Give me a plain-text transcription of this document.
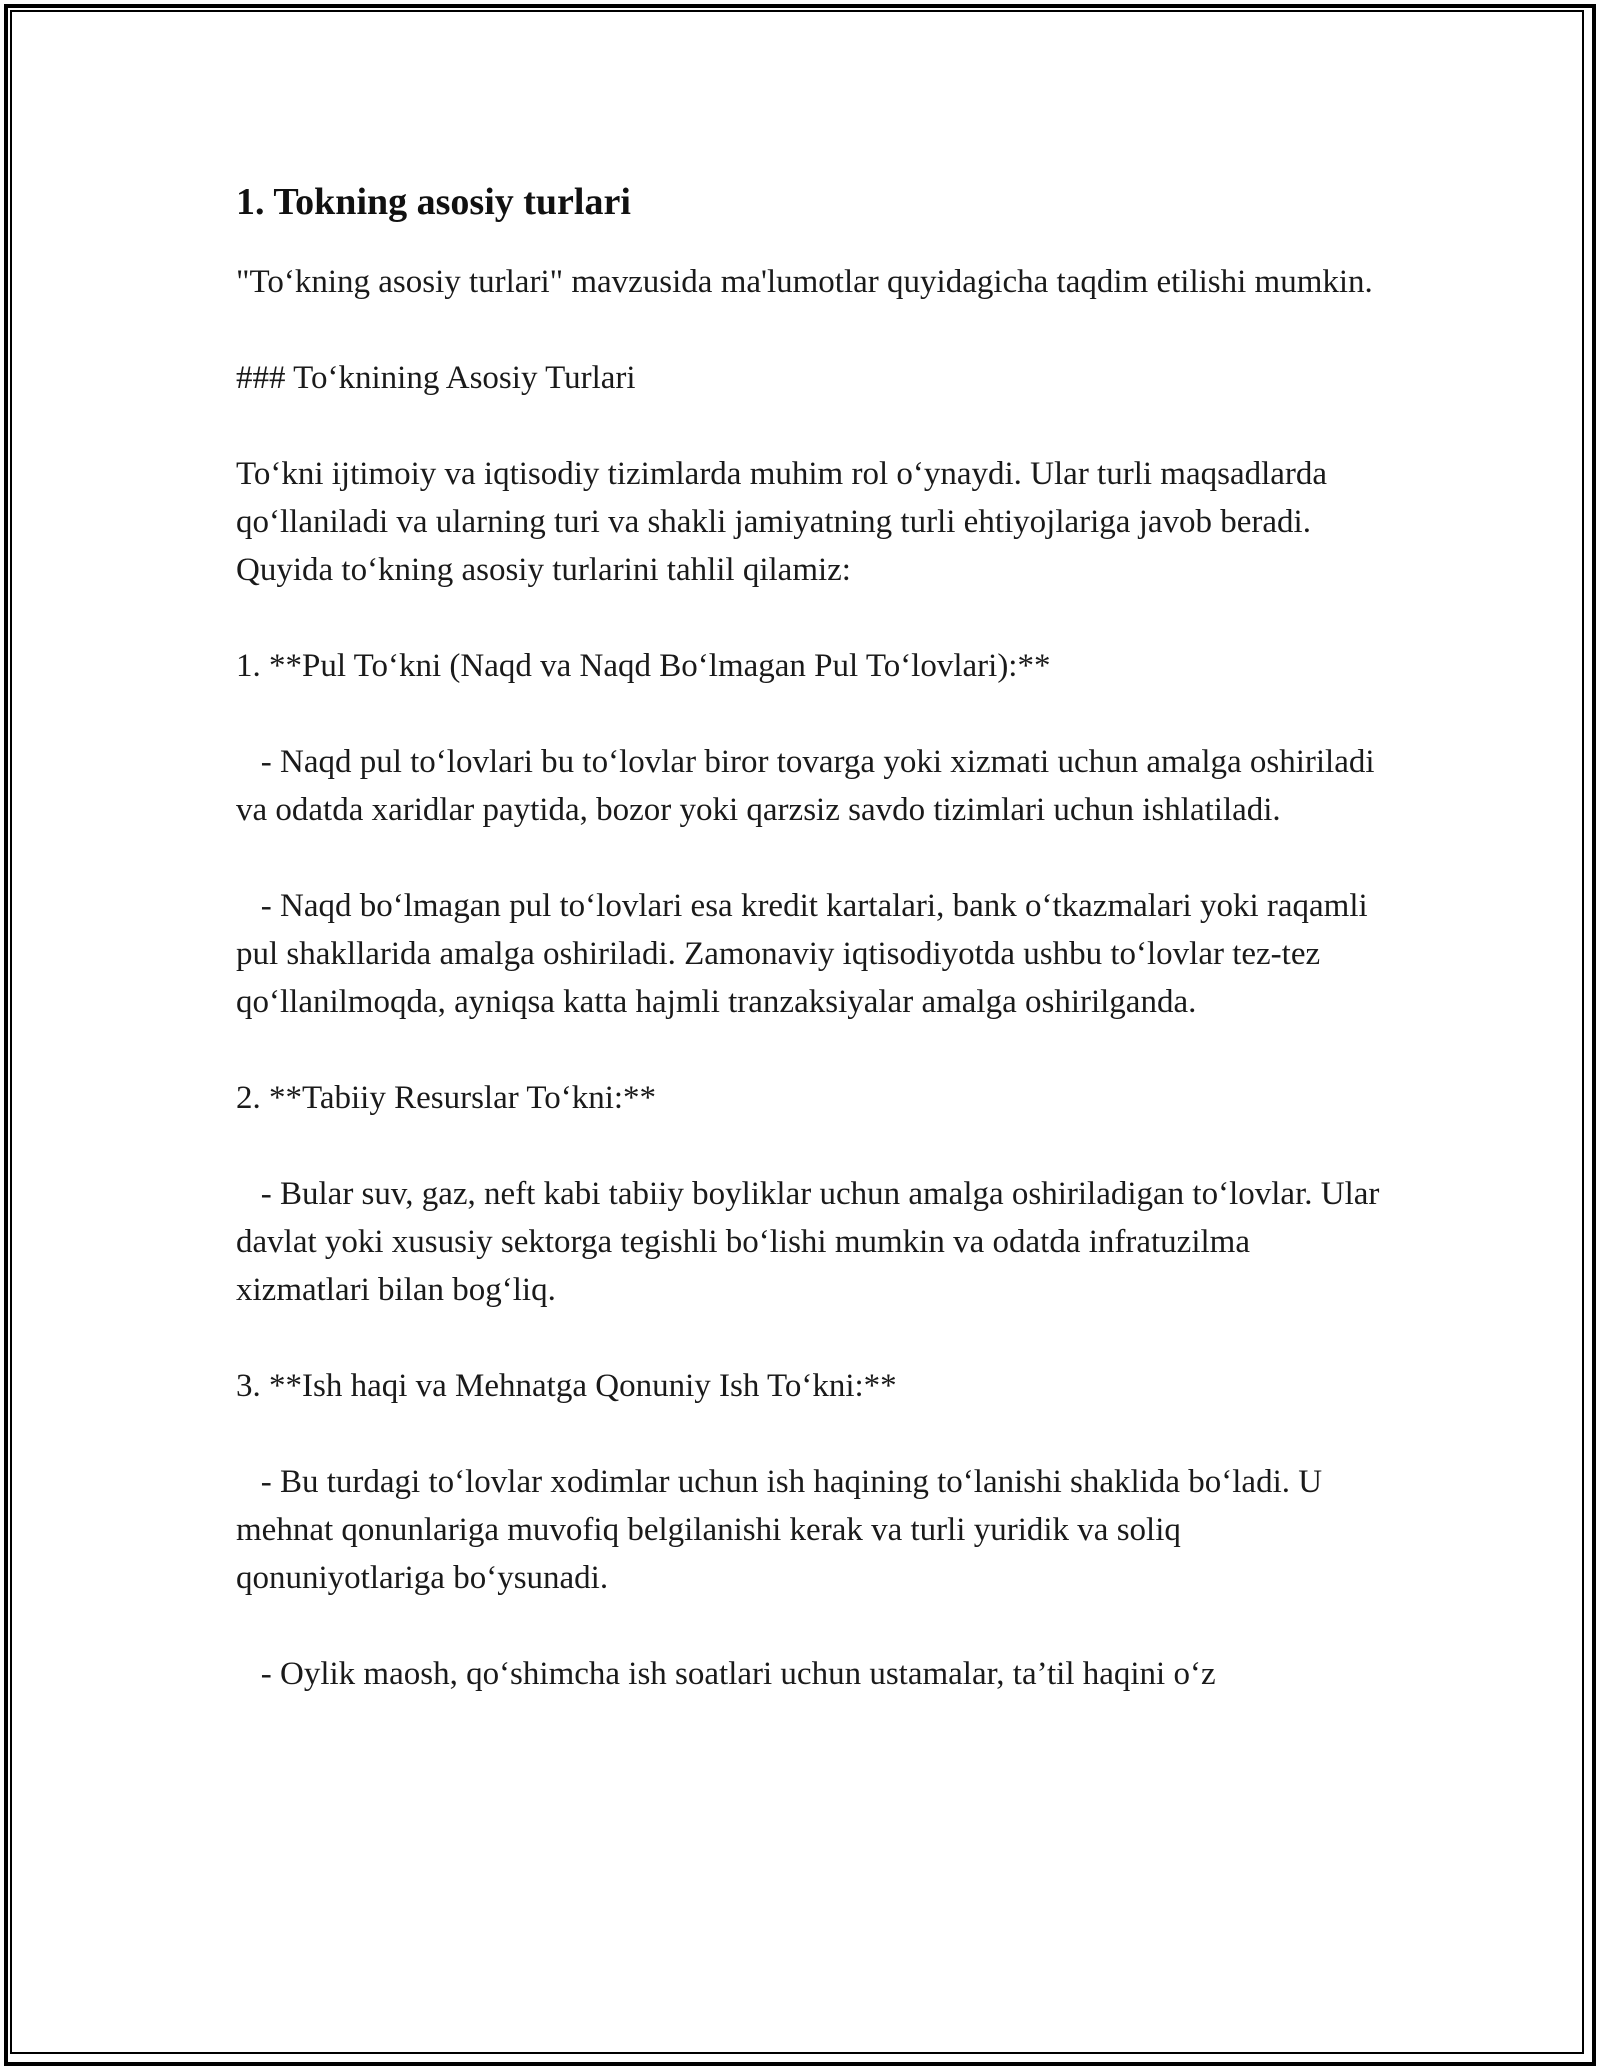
1. Tokning asosiy turlari

"To‘kning asosiy turlari" mavzusida ma'lumotlar quyidagicha taqdim etilishi mumkin.

### To‘knining Asosiy Turlari

To‘kni ijtimoiy va iqtisodiy tizimlarda muhim rol o‘ynaydi. Ular turli maqsadlarda qo‘llaniladi va ularning turi va shakli jamiyatning turli ehtiyojlariga javob beradi. Quyida to‘kning asosiy turlarini tahlil qilamiz:

1. **Pul To‘kni (Naqd va Naqd Bo‘lmagan Pul To‘lovlari):**

- Naqd pul to‘lovlari bu to‘lovlar biror tovarga yoki xizmati uchun amalga oshiriladi va odatda xaridlar paytida, bozor yoki qarzsiz savdo tizimlari uchun ishlatiladi.

- Naqd bo‘lmagan pul to‘lovlari esa kredit kartalari, bank o‘tkazmalari yoki raqamli pul shakllarida amalga oshiriladi. Zamonaviy iqtisodiyotda ushbu to‘lovlar tez-tez qo‘llanilmoqda, ayniqsa katta hajmli tranzaksiyalar amalga oshirilganda.

2. **Tabiiy Resurslar To‘kni:**

- Bular suv, gaz, neft kabi tabiiy boyliklar uchun amalga oshiriladigan to‘lovlar. Ular davlat yoki xususiy sektorga tegishli bo‘lishi mumkin va odatda infratuzilma xizmatlari bilan bog‘liq.

3. **Ish haqi va Mehnatga Qonuniy Ish To‘kni:**

- Bu turdagi to‘lovlar xodimlar uchun ish haqining to‘lanishi shaklida bo‘ladi. U mehnat qonunlariga muvofiq belgilanishi kerak va turli yuridik va soliq qonuniyotlariga bo‘ysunadi.

- Oylik maosh, qo‘shimcha ish soatlari uchun ustamalar, ta’til haqini o‘z
